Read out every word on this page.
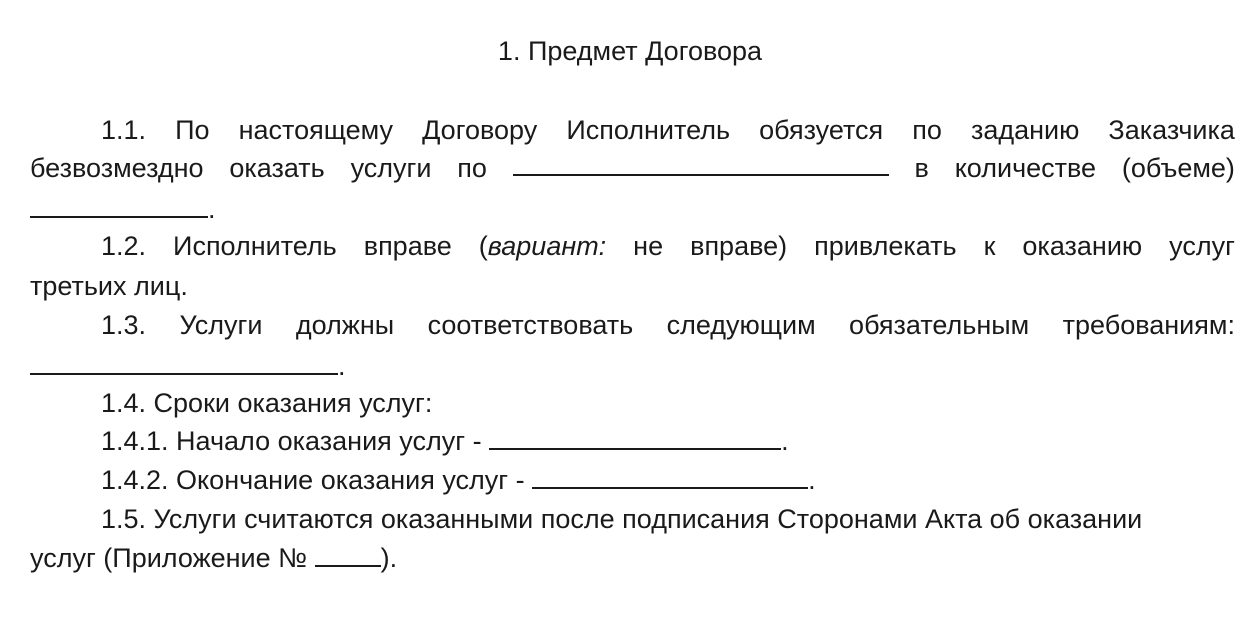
1. Предмет Договора
1.1. По настоящему Договору Исполнитель обязуется по заданию Заказчика
безвозмездно оказать услуги по	в количестве (объеме)
.
1.2. Исполнитель вправе (вариант: не вправе) привлекать к оказанию услуг
третьих лиц.
1.3. Услуги должны соответствовать следующим обязательным требованиям:
.
1.4. Сроки оказания услуг:
1.4.1. Начало оказания услуг -	.
1.4.2. Окончание оказания услуг -	.
1.5. Услуги считаются оказанными после подписания Сторонами Акта об оказании
услуг (Приложение №	).
